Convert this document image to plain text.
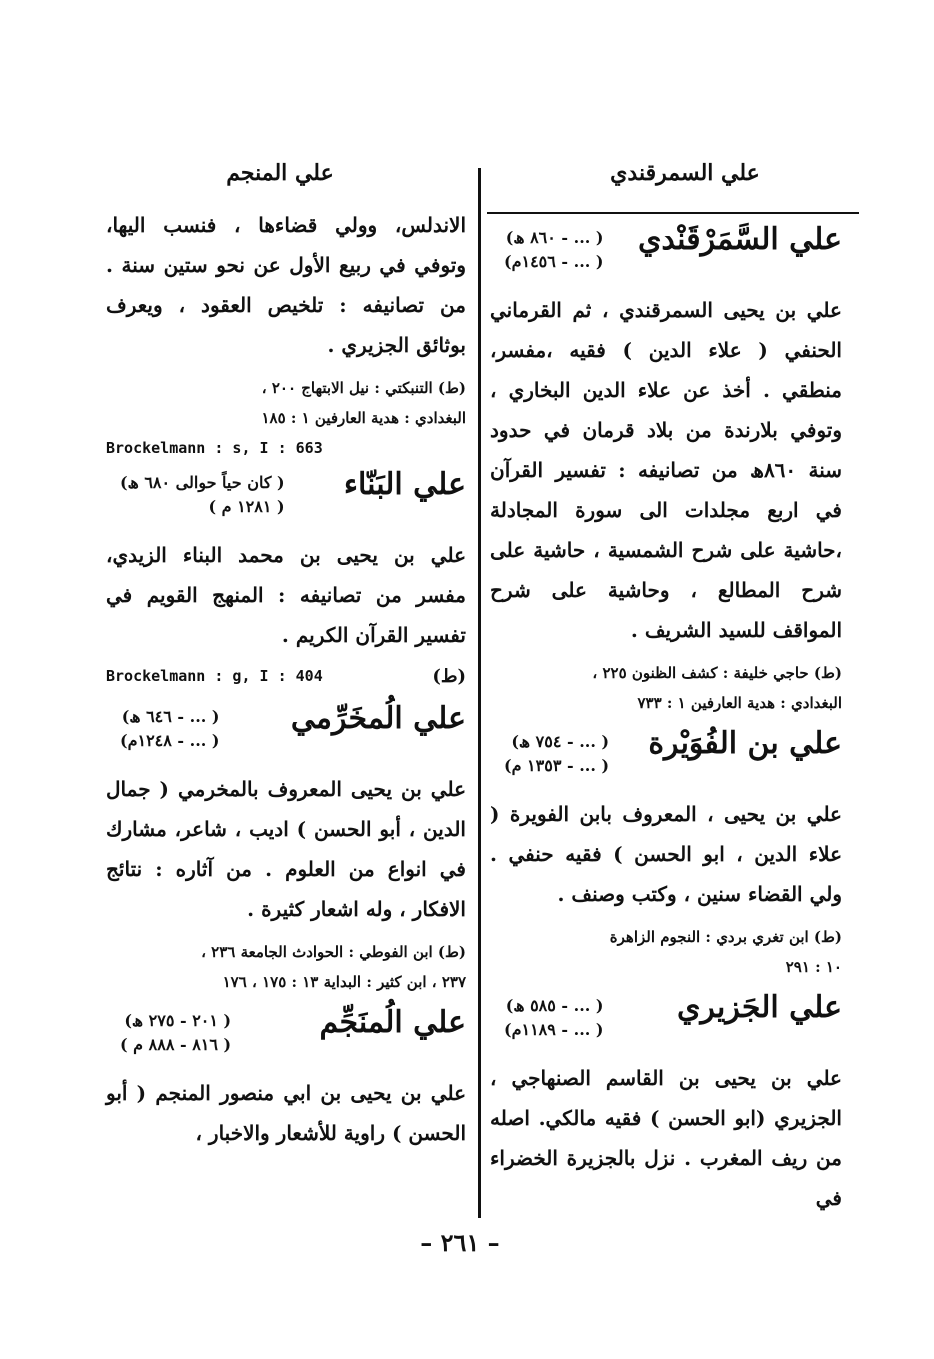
علي السمرقندي
علي المنجم
علي السَّمَرْقَنْدي
( ... - ٨٦٠ ھ)
( ... - ١٤٥٦م)

علي بن يحيى السمرقندي ، ثم القرماني الحنفي ( علاء الدين ) فقيه ،مفسر، منطقي . أخذ عن علاء الدين البخاري ، وتوفي بلارندة من بلاد قرمان في حدود سنة ٨٦٠ھ من تصانيفه : تفسير القرآن في اربع مجلدات الى سورة المجادلة ،حاشية على شرح الشمسية ، حاشية على شرح المطالع ، وحاشية على شرح المواقف للسيد الشريف .

(ط) حاجي خليفة : كشف الظنون ٢٢٥ ،
البغدادي : هدية العارفين ١ : ٧٣٣
علي بن الفُوَيْرة
( ... - ٧٥٤ ھ)
( ... - ١٣٥٣ م)

علي بن يحيى ، المعروف بابن الفويرة ( علاء الدين ، ابو الحسن ) فقيه حنفي . ولي القضاء سنين ، وكتب وصنف .

(ط) ابن تغري بردي : النجوم الزاهرة
١٠ : ٢٩١
علي الجَزيري
( ... - ٥٨٥ ھ)
( ... - ١١٨٩م)

علي بن يحيى بن القاسم الصنهاجي ، الجزيري (ابو الحسن ) فقيه مالكي. اصله من ريف المغرب . نزل بالجزيرة الخضراء في

الاندلس، وولي قضاءها ، فنسب اليها، وتوفي في ربيع الأول عن نحو ستين سنة . من تصانيفه : تلخيص العقود ، ويعرف بوثائق الجزيري .

(ط) التنبكتي : نيل الابتهاج ٢٠٠ ،
البغدادي : هدية العارفين ١ : ١٨٥
Brockelmann : s, I : 663
علي البَنّاء
( كان حياً حوالى ٦٨٠ ھ)
( ١٢٨١ م )

علي بن يحيى بن محمد البناء الزيدي، مفسر من تصانيفه : المنهج القويم في تفسير القرآن الكريم .

Brockelmann : g, I : 404	(ط)
علي الُمخَرِّمي
( ... - ٦٤٦ ھ)
( ... - ١٢٤٨م)

علي بن يحيى المعروف بالمخرمي ( جمال الدين ، أبو الحسن ) اديب ، شاعر، مشارك في انواع من العلوم . من آثاره : نتائج الافكار ، وله اشعار كثيرة .

(ط) ابن الفوطي : الحوادث الجامعة ٢٣٦ ،
٢٣٧ ، ابن كثير : البداية ١٣ : ١٧٥ ، ١٧٦
علي الُمنَجِّم
( ٢٠١ - ٢٧٥ ھ)
( ٨١٦ - ٨٨٨ م )

علي بن يحيى بن ابي منصور المنجم ( أبو الحسن ) راوية للأشعار والاخبار ،

– ٢٦١ –
